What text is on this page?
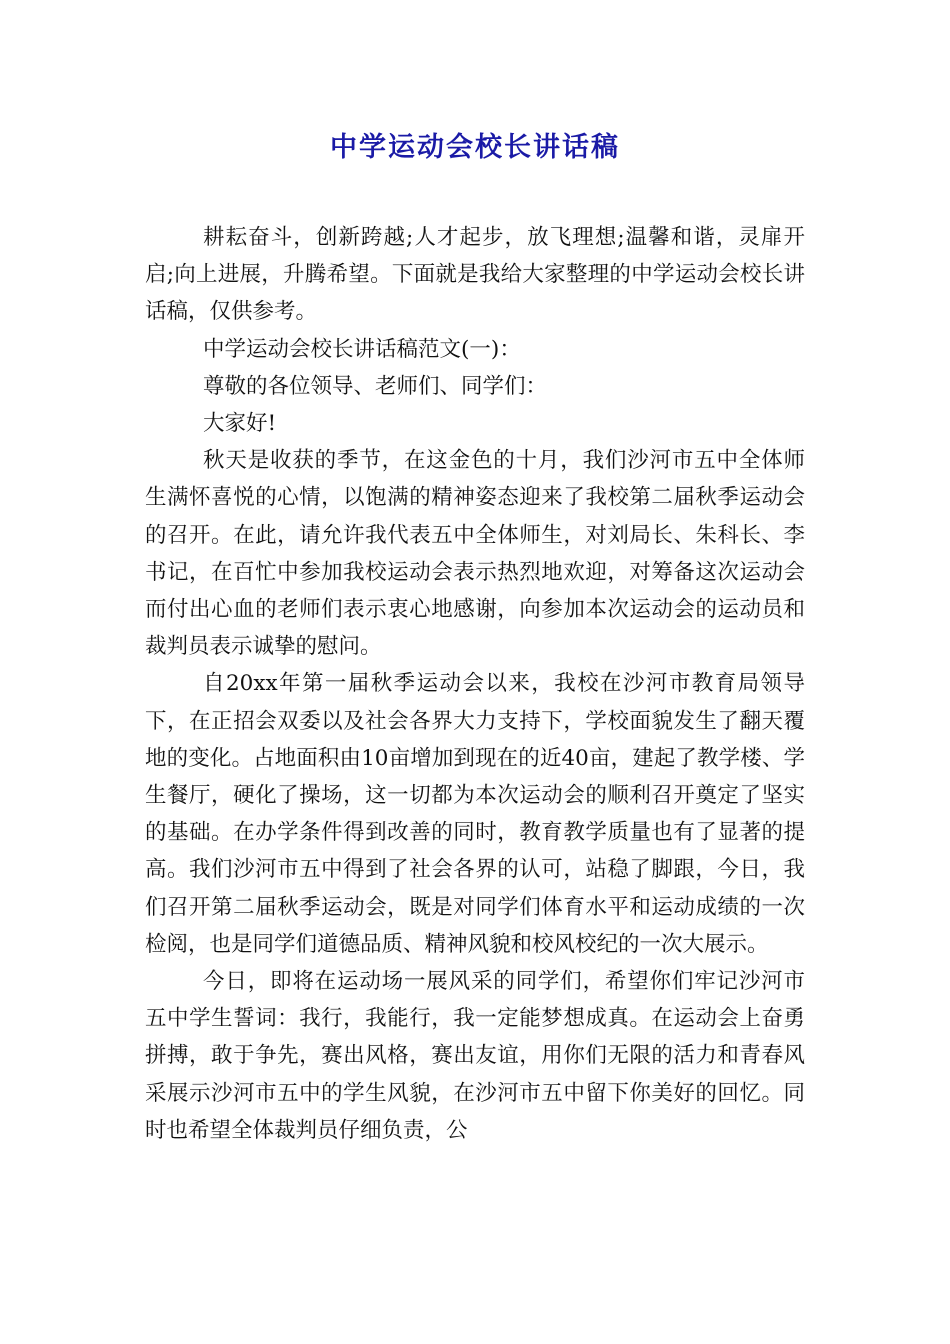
中学运动会校长讲话稿

耕耘奋斗，创新跨越;人才起步，放飞理想;温馨和谐，灵扉开启;向上进展，升腾希望。下面就是我给大家整理的中学运动会校长讲话稿，仅供参考。

中学运动会校长讲话稿范文(一)：

尊敬的各位领导、老师们、同学们：

大家好!

秋天是收获的季节，在这金色的十月，我们沙河市五中全体师生满怀喜悦的心情，以饱满的精神姿态迎来了我校第二届秋季运动会的召开。在此，请允许我代表五中全体师生，对刘局长、朱科长、李书记，在百忙中参加我校运动会表示热烈地欢迎，对筹备这次运动会而付出心血的老师们表示衷心地感谢，向参加本次运动会的运动员和裁判员表示诚挚的慰问。

自20xx年第一届秋季运动会以来，我校在沙河市教育局领导下，在正招会双委以及社会各界大力支持下，学校面貌发生了翻天覆地的变化。占地面积由10亩增加到现在的近40亩，建起了教学楼、学生餐厅，硬化了操场，这一切都为本次运动会的顺利召开奠定了坚实的基础。在办学条件得到改善的同时，教育教学质量也有了显著的提高。我们沙河市五中得到了社会各界的认可，站稳了脚跟，今日，我们召开第二届秋季运动会，既是对同学们体育水平和运动成绩的一次检阅，也是同学们道德品质、精神风貌和校风校纪的一次大展示。

今日，即将在运动场一展风采的同学们，希望你们牢记沙河市五中学生誓词：我行，我能行，我一定能梦想成真。在运动会上奋勇拼搏，敢于争先，赛出风格，赛出友谊，用你们无限的活力和青春风采展示沙河市五中的学生风貌，在沙河市五中留下你美好的回忆。同时也希望全体裁判员仔细负责，公
